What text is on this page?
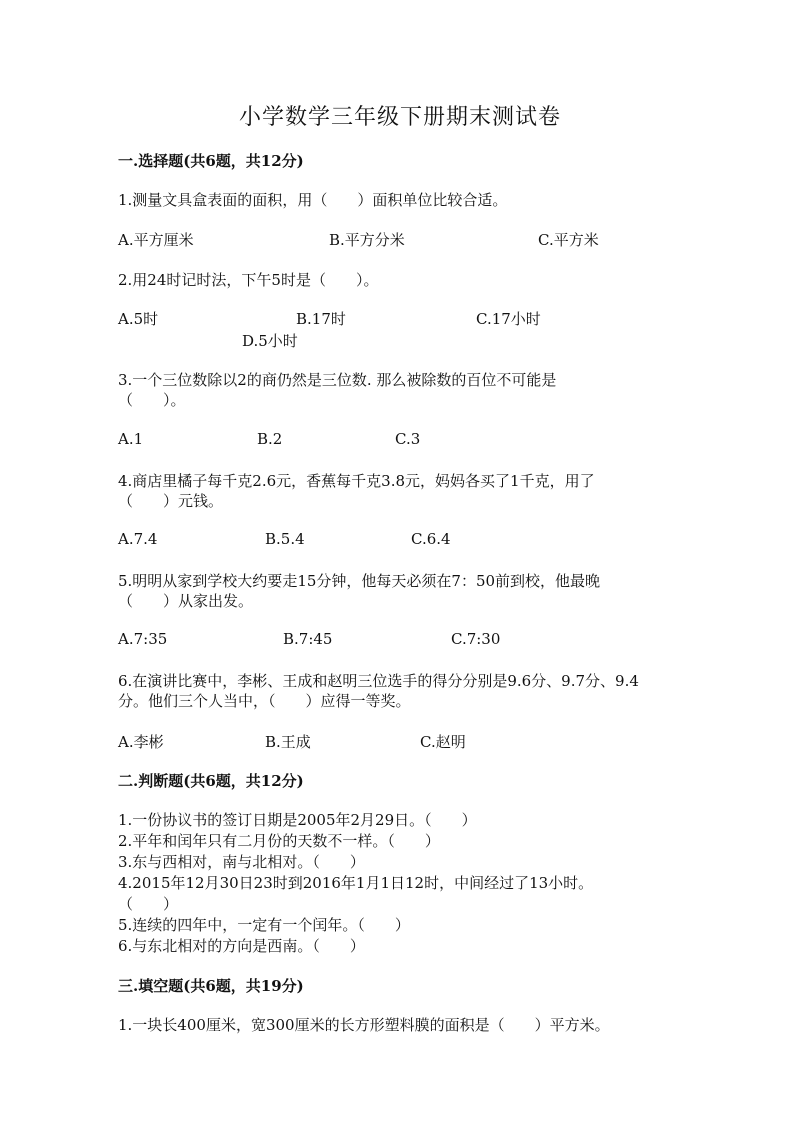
小学数学三年级下册期末测试卷
一.选择题(共6题，共12分)
1.测量文具盒表面的面积，用（　　）面积单位比较合适。
A.平方厘米	B.平方分米	C.平方米
2.用24时记时法，下午5时是（　　）。
A.5时	B.17时	C.17小时
D.5小时
3.一个三位数除以2的商仍然是三位数. 那么被除数的百位不可能是
（　　）。
A.1	B.2	C.3
4.商店里橘子每千克2.6元，香蕉每千克3.8元，妈妈各买了1千克，用了
（　　）元钱。
A.7.4	B.5.4	C.6.4
5.明明从家到学校大约要走15分钟，他每天必须在7：50前到校，他最晚
（　　）从家出发。
A.7:35	B.7:45	C.7:30
6.在演讲比赛中，李彬、王成和赵明三位选手的得分分别是9.6分、9.7分、9.4
分。他们三个人当中，（　　）应得一等奖。
A.李彬	B.王成	C.赵明
二.判断题(共6题，共12分)
1.一份协议书的签订日期是2005年2月29日。（　　）
2.平年和闰年只有二月份的天数不一样。（　　）
3.东与西相对，南与北相对。（　　）
4.2015年12月30日23时到2016年1月1日12时，中间经过了13小时。
（　　）
5.连续的四年中，一定有一个闰年。（　　）
6.与东北相对的方向是西南。（　　）
三.填空题(共6题，共19分)
1.一块长400厘米，宽300厘米的长方形塑料膜的面积是（　　）平方米。
